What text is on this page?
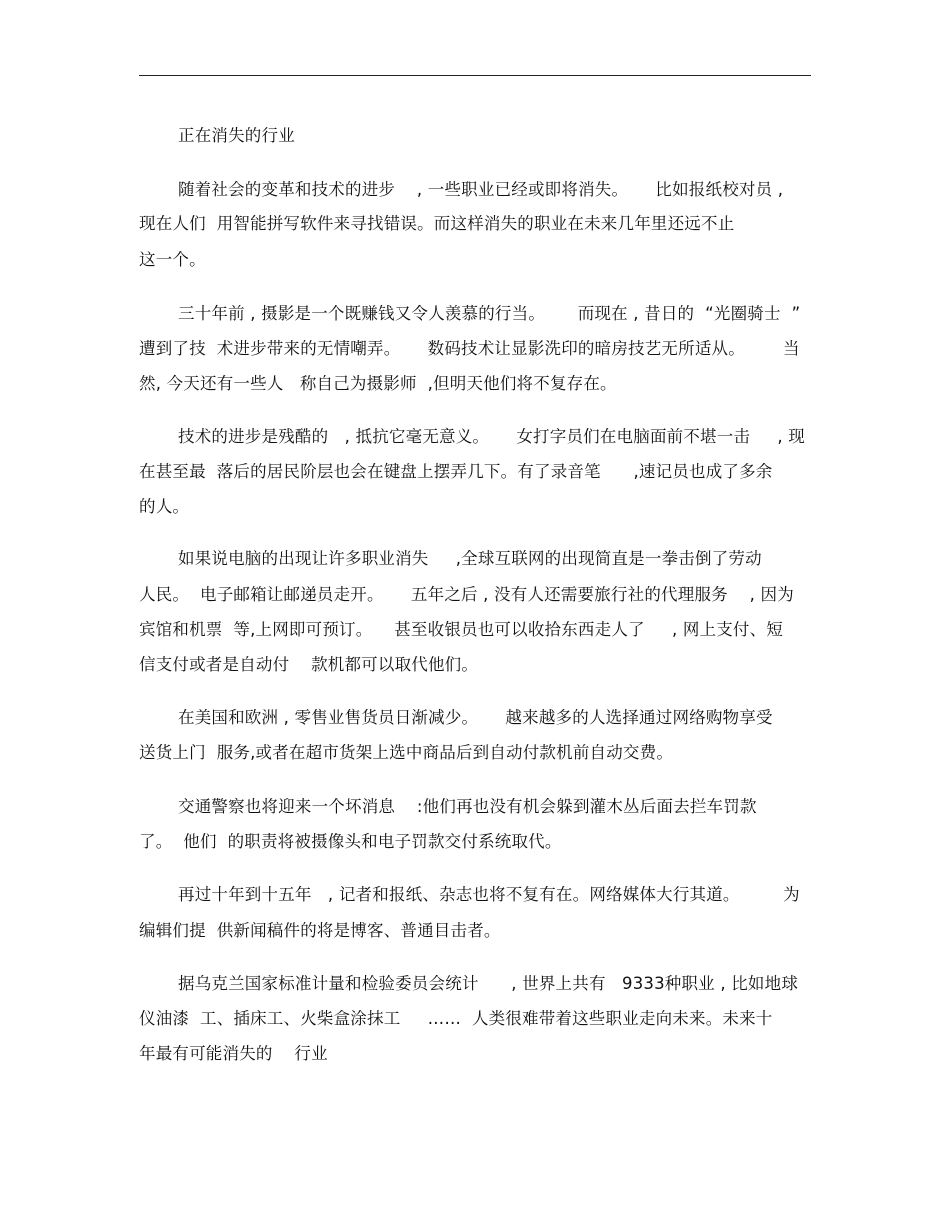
正在消失的行业
随着社会的变革和技术的进步    , 一些职业已经或即将消失。     比如报纸校对员 ,
现在人们  用智能拼写软件来寻找错误。而这样消失的职业在未来几年里还远不止
这一个。
三十年前 , 摄影是一个既赚钱又令人羡慕的行当。      而现在 , 昔日的  “光圈骑士  ”
遭到了技  术进步带来的无情嘲弄。     数码技术让显影洗印的暗房技艺无所适从。       当
然, 今天还有一些人   称自己为摄影师  ,但明天他们将不复存在。
技术的进步是残酷的   , 抵抗它毫无意义。     女打字员们在电脑面前不堪一击     , 现
在甚至最  落后的居民阶层也会在键盘上摆弄几下。有了录音笔      ,速记员也成了多余
的人。
如果说电脑的出现让许多职业消失     ,全球互联网的出现简直是一拳击倒了劳动
人民。  电子邮箱让邮递员走开。     五年之后 , 没有人还需要旅行社的代理服务    , 因为
宾馆和机票  等,上网即可预订。    甚至收银员也可以收拾东西走人了     , 网上支付、短
信支付或者是自动付    款机都可以取代他们。
在美国和欧洲 , 零售业售货员日渐减少。     越来越多的人选择通过网络购物享受
送货上门  服务,或者在超市货架上选中商品后到自动付款机前自动交费。
交通警察也将迎来一个坏消息    :他们再也没有机会躲到灌木丛后面去拦车罚款
了。  他们  的职责将被摄像头和电子罚款交付系统取代。
再过十年到十五年   , 记者和报纸、杂志也将不复有在。网络媒体大行其道。        为
编辑们提  供新闻稿件的将是博客、普通目击者。
据乌克兰国家标准计量和检验委员会统计      , 世界上共有   9333种职业 , 比如地球
仪油漆  工、插床工、火柴盒涂抹工     ……  人类很难带着这些职业走向未来。未来十
年最有可能消失的    行业
